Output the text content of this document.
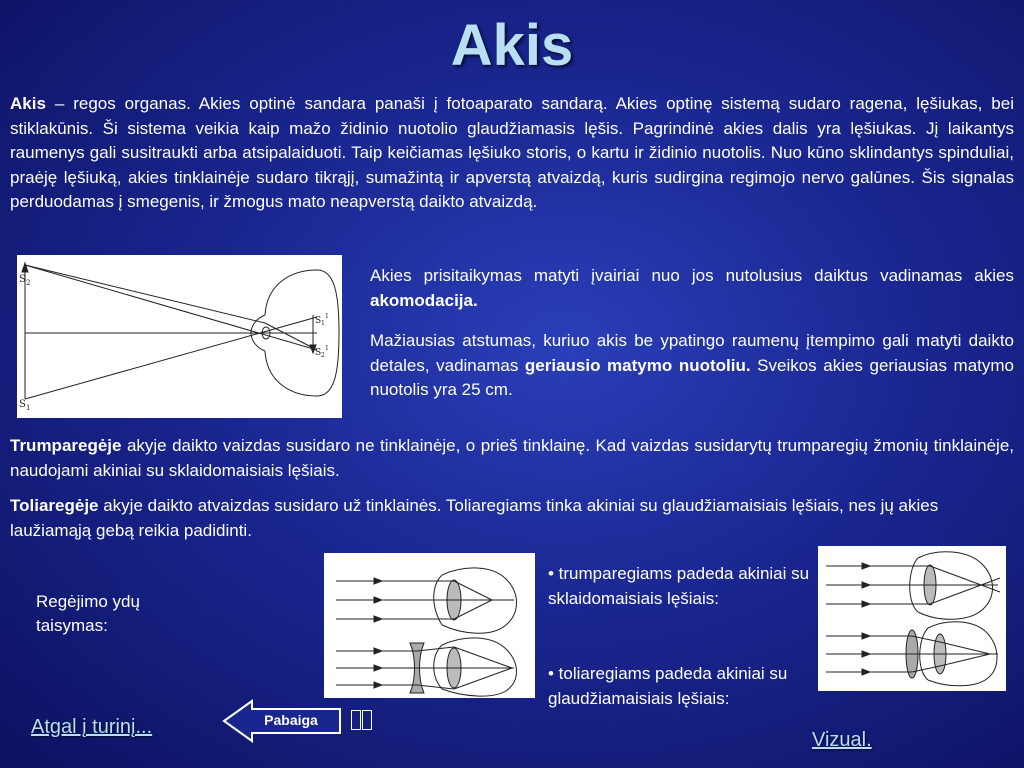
Akis
Akis – regos organas. Akies optinė sandara panaši į fotoaparato sandarą. Akies optinę sistemą sudaro ragena, lęšiukas, bei stiklakūnis. Ši sistema veikia kaip mažo židinio nuotolio glaudžiamasis lęšis. Pagrindinė akies dalis yra lęšiukas. Jį laikantys raumenys gali susitraukti arba atsipalaiduoti. Taip keičiamas lęšiuko storis, o kartu ir židinio nuotolis. Nuo kūno sklindantys spinduliai, praėję lęšiuką, akies tinklainėje sudaro tikrąjį, sumažintą ir apverstą atvaizdą, kuris sudirgina regimojo nervo galūnes. Šis signalas perduodamas į smegenis, ir žmogus mato neapverstą daikto atvaizdą.
S 2
S 1
S 1
1
S 2
1
Akies prisitaikymas matyti įvairiai nuo jos nutolusius daiktus vadinamas akies akomodacija.
Mažiausias atstumas, kuriuo akis be ypatingo raumenų įtempimo gali matyti daikto detales, vadinamas geriausio matymo nuotoliu. Sveikos akies geriausias matymo nuotolis yra 25 cm.
Trumparegėje akyje daikto vaizdas susidaro ne tinklainėje, o prieš tinklainę. Kad vaizdas susidarytų trumparegių žmonių tinklainėje, naudojami akiniai su sklaidomaisiais lęšiais.
Toliaregėje akyje daikto atvaizdas susidaro už tinklainės. Toliaregiams tinka akiniai su glaudžiamaisiais lęšiais, nes jų akies laužiamąją gebą reikia padidinti.
Regėjimo ydų taisymas:
• trumparegiams padeda akiniai su sklaidomaisiais lęšiais:
• toliaregiams padeda akiniai su glaudžiamaisiais lęšiais:
Atgal į turinį...	Pabaiga
Vizual.
